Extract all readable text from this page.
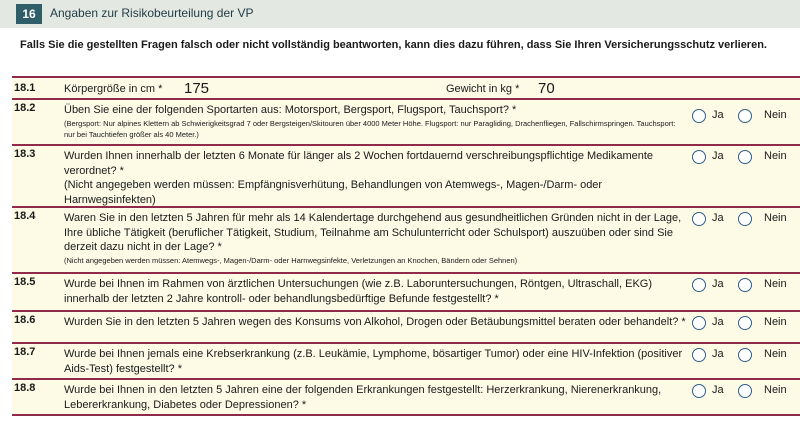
16	Angaben zur Risikobeurteilung der VP
Falls Sie die gestellten Fragen falsch oder nicht vollständig beantworten, kann dies dazu führen, dass Sie Ihren Versicherungsschutz verlieren.
18.1	Körpergröße in cm * 175	Gewicht in kg * 70
18.2	Üben Sie eine der folgenden Sportarten aus: Motorsport, Bergsport, Flugsport, Tauchsport? *
(Bergsport: Nur alpines Klettern ab Schwierigkeitsgrad 7 oder Bergsteigen/Skitouren über 4000 Meter Höhe. Flugsport: nur Paragliding, Drachenfliegen, Fallschirmspringen. Tauchsport: nur bei Tauchtiefen größer als 40 Meter.)
Ja	Nein
18.3	Wurden Ihnen innerhalb der letzten 6 Monate für länger als 2 Wochen fortdauernd verschreibungspflichtige Medikamente verordnet? *
(Nicht angegeben werden müssen: Empfängnisverhütung, Behandlungen von Atemwegs-, Magen-/Darm- oder Harnwegsinfekten)
Ja	Nein
18.4	Waren Sie in den letzten 5 Jahren für mehr als 14 Kalendertage durchgehend aus gesundheitlichen Gründen nicht in der Lage, Ihre übliche Tätigkeit (beruflicher Tätigkeit, Studium, Teilnahme am Schulunterricht oder Schulsport) auszuüben oder sind Sie derzeit dazu nicht in der Lage? *
(Nicht angegeben werden müssen: Atemwegs-, Magen-/Darm- oder Harnwegsinfekte, Verletzungen an Knochen, Bändern oder Sehnen)
Ja	Nein
18.5	Wurde bei Ihnen im Rahmen von ärztlichen Untersuchungen (wie z.B. Laboruntersuchungen, Röntgen, Ultraschall, EKG) innerhalb der letzten 2 Jahre kontroll- oder behandlungsbedürftige Befunde festgestellt? *
Ja	Nein
18.6	Wurden Sie in den letzten 5 Jahren wegen des Konsums von Alkohol, Drogen oder Betäubungsmittel beraten oder behandelt? * Ja	Nein
18.7	Wurde bei Ihnen jemals eine Krebserkrankung (z.B. Leukämie, Lymphome, bösartiger Tumor) oder eine HIV-Infektion (positiver Aids-Test) festgestellt? *
Ja	Nein
18.8	Wurde bei Ihnen in den letzten 5 Jahren eine der folgenden Erkrankungen festgestellt: Herzerkrankung, Nierenerkrankung, Lebererkrankung, Diabetes oder Depressionen? *
Ja	Nein
